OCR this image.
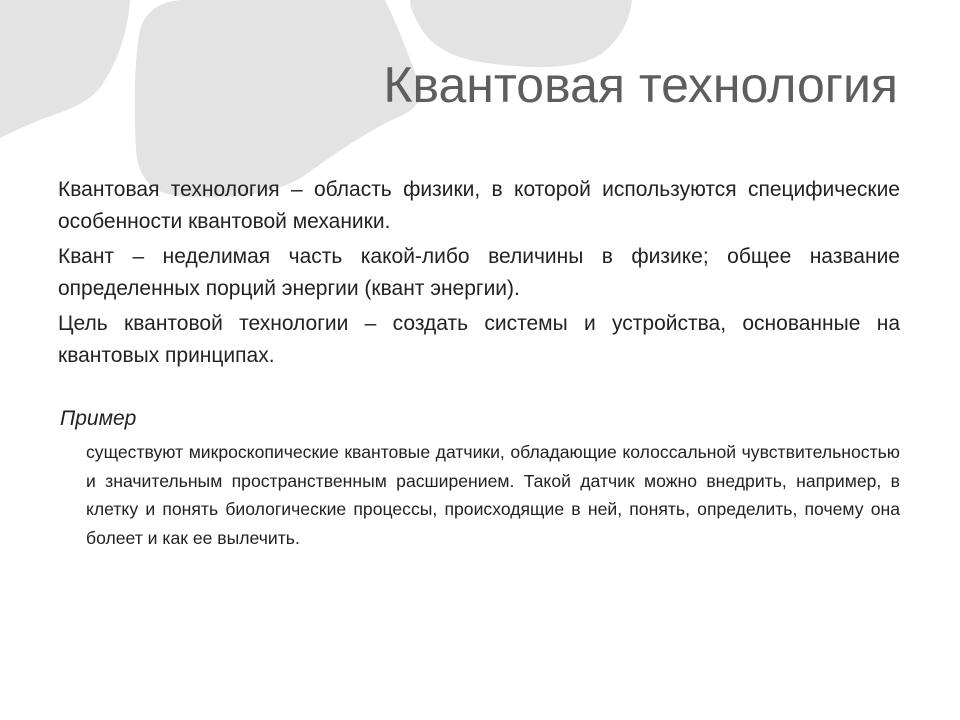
Квантовая технология

Квантовая технология – область физики, в которой используются специфические особенности квантовой механики.

Квант – неделимая часть какой-либо величины в физике; общее название определенных порций энергии (квант энергии).

Цель квантовой технологии – создать системы и устройства, основанные на квантовых принципах.

Пример
существуют микроскопические квантовые датчики, обладающие колоссальной чувствительностью и значительным пространственным расширением. Такой датчик можно внедрить, например, в клетку и понять биологические процессы, происходящие в ней, понять, определить, почему она болеет и как ее вылечить.
